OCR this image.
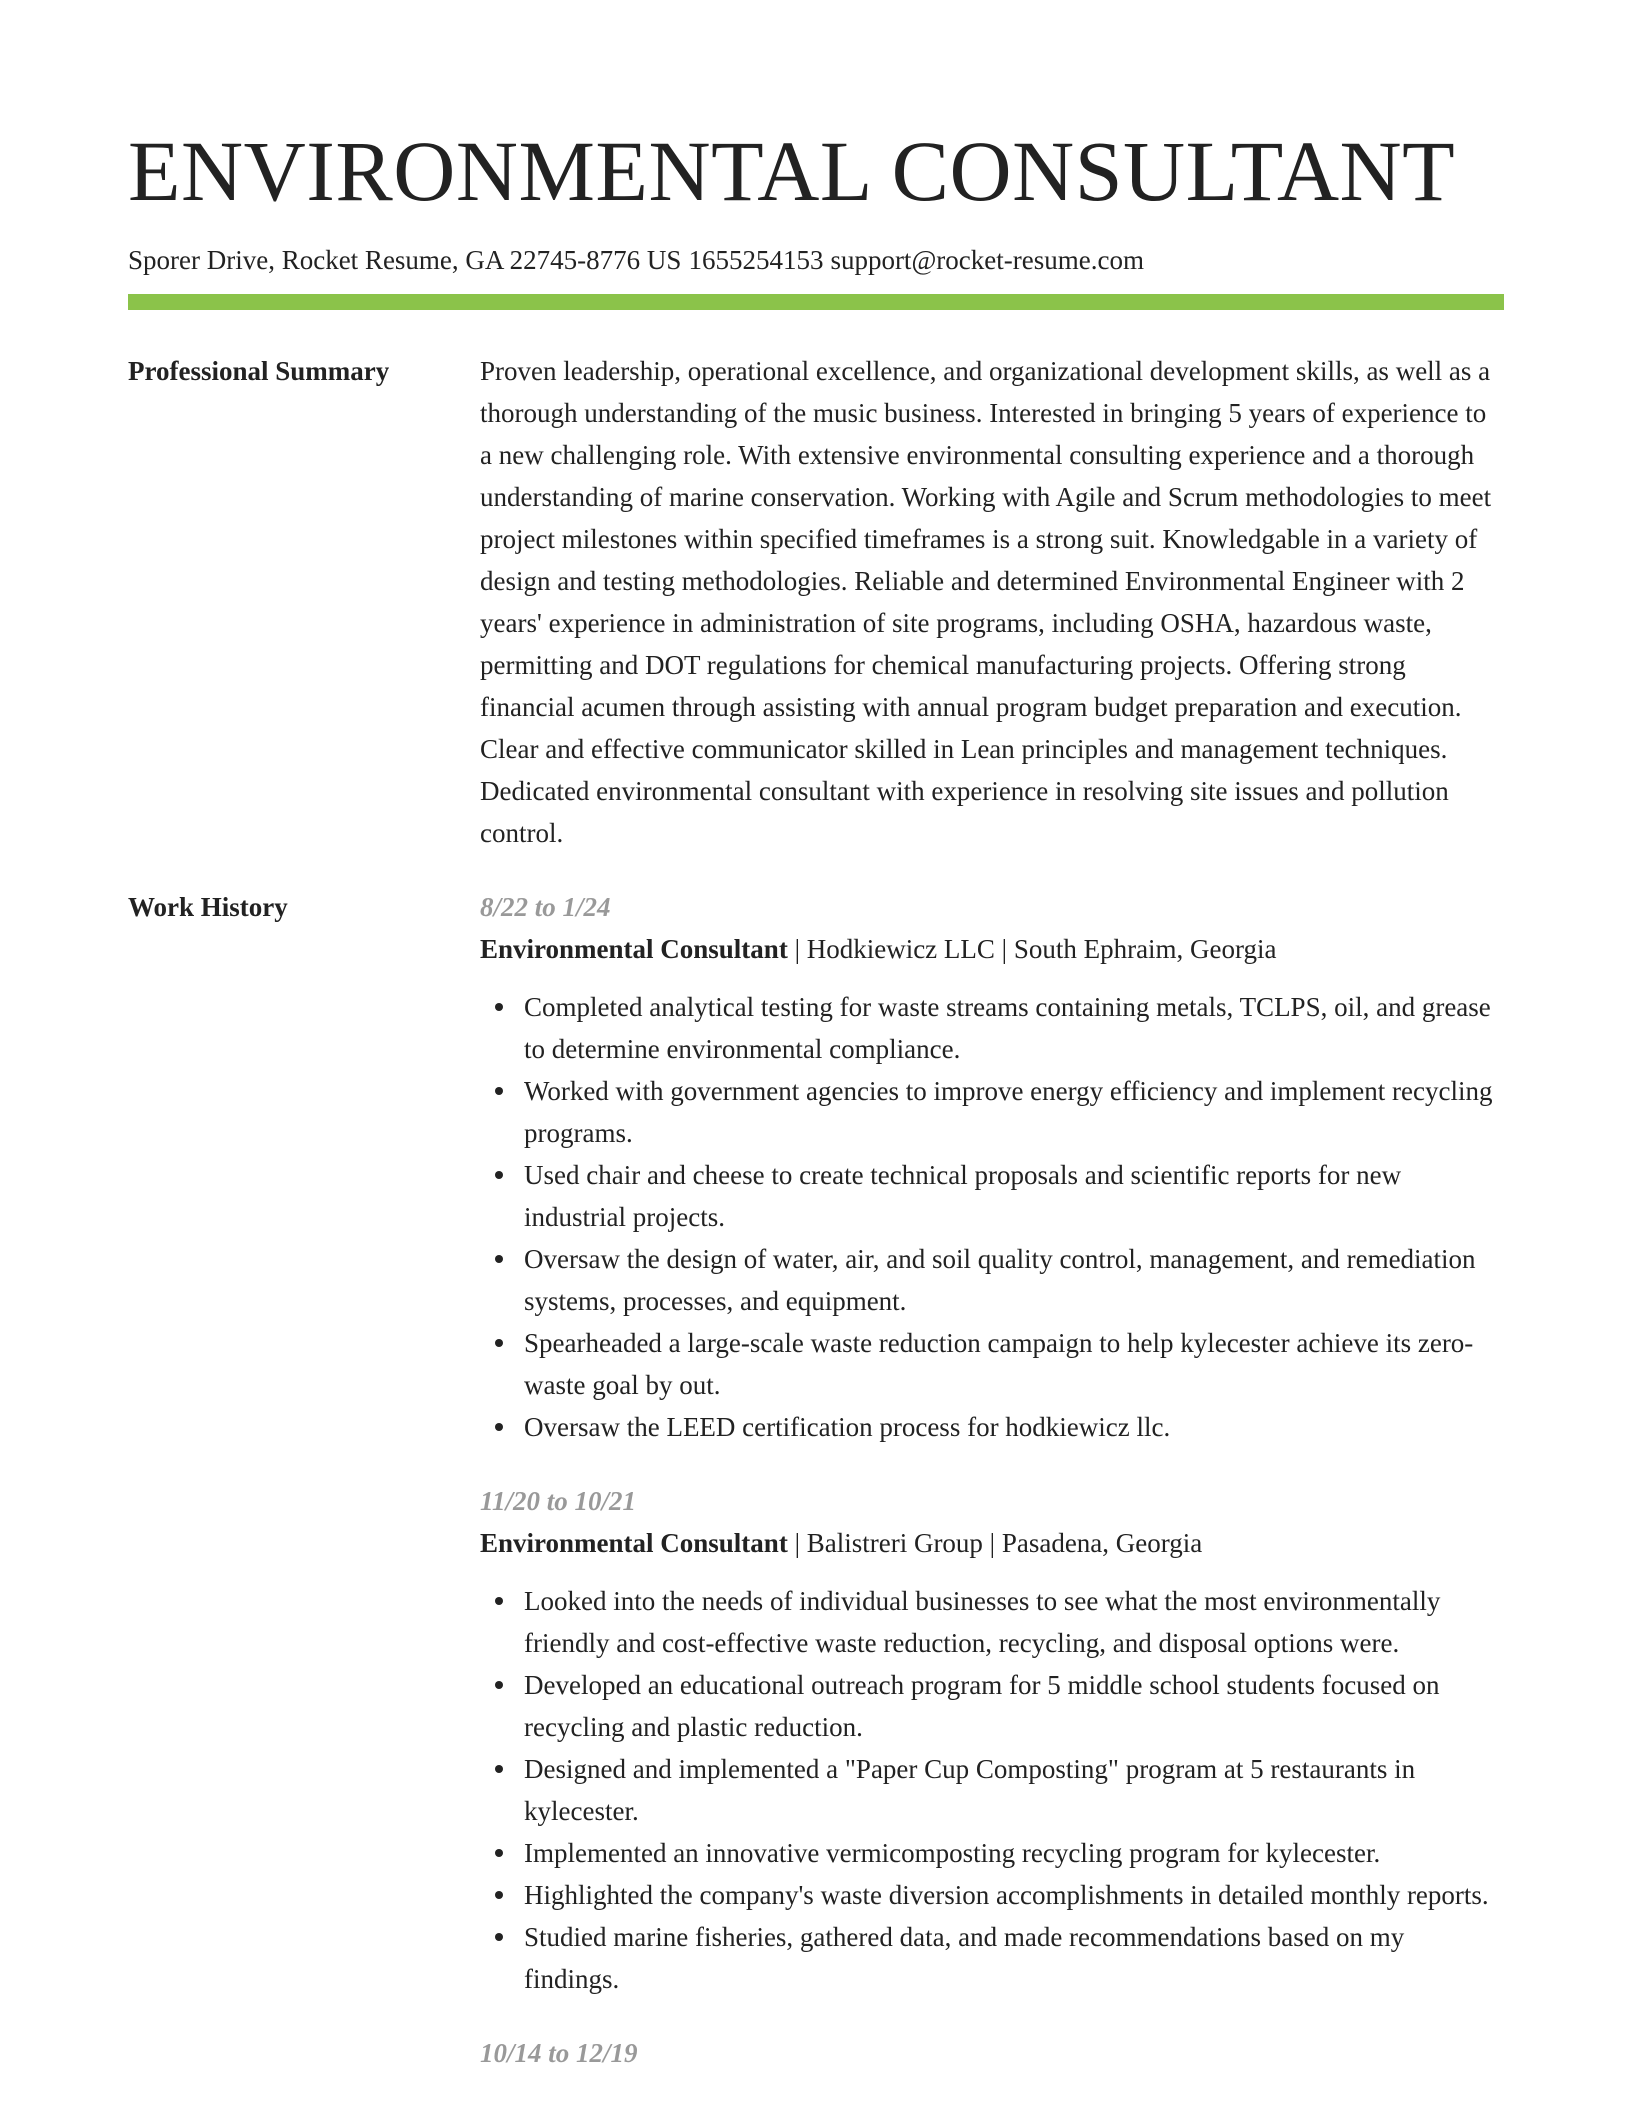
ENVIRONMENTAL CONSULTANT
Sporer Drive, Rocket Resume, GA 22745-8776 US 1655254153 support@rocket-resume.com
Professional Summary	Proven leadership, operational excellence, and organizational development skills, as well as a thorough understanding of the music business. Interested in bringing 5 years of experience to a new challenging role. With extensive environmental consulting experience and a thorough understanding of marine conservation. Working with Agile and Scrum methodologies to meet project milestones within specified timeframes is a strong suit. Knowledgable in a variety of design and testing methodologies. Reliable and determined Environmental Engineer with 2 years' experience in administration of site programs, including OSHA, hazardous waste, permitting and DOT regulations for chemical manufacturing projects. Offering strong financial acumen through assisting with annual program budget preparation and execution. Clear and effective communicator skilled in Lean principles and management techniques. Dedicated environmental consultant with experience in resolving site issues and pollution control.

Work History	8/22 to 1/24
Environmental Consultant | Hodkiewicz LLC | South Ephraim, Georgia
Completed analytical testing for waste streams containing metals, TCLPS, oil, and grease to determine environmental compliance.
Worked with government agencies to improve energy efficiency and implement recycling programs.
Used chair and cheese to create technical proposals and scientific reports for new industrial projects.
Oversaw the design of water, air, and soil quality control, management, and remediation systems, processes, and equipment.
Spearheaded a large-scale waste reduction campaign to help kylecester achieve its zero-waste goal by out.
Oversaw the LEED certification process for hodkiewicz llc.
11/20 to 10/21
Environmental Consultant | Balistreri Group | Pasadena, Georgia
Looked into the needs of individual businesses to see what the most environmentally friendly and cost-effective waste reduction, recycling, and disposal options were.
Developed an educational outreach program for 5 middle school students focused on recycling and plastic reduction.
Designed and implemented a "Paper Cup Composting" program at 5 restaurants in kylecester.
Implemented an innovative vermicomposting recycling program for kylecester.
Highlighted the company's waste diversion accomplishments in detailed monthly reports.
Studied marine fisheries, gathered data, and made recommendations based on my findings.
10/14 to 12/19
